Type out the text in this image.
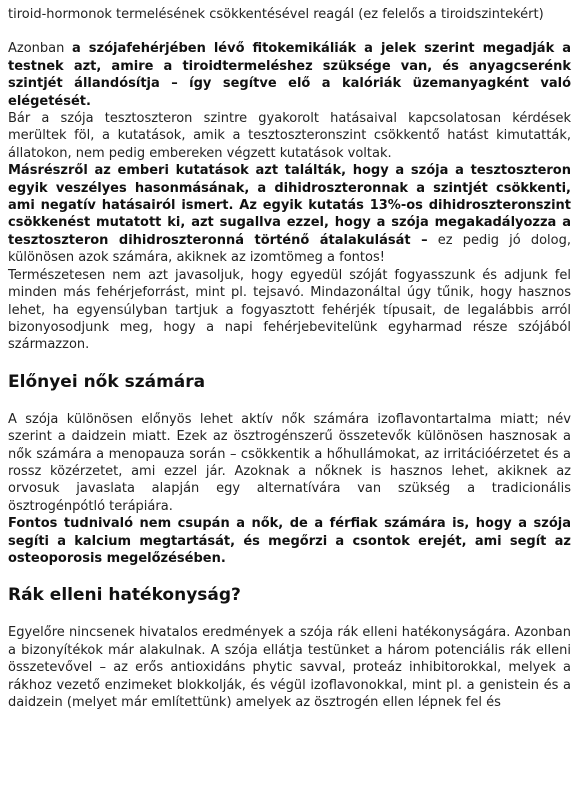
tiroid-hormonok termelésének csökkentésével reagál (ez felelős a tiroidszintekért)

Azonban a szójafehérjében lévő fitokemikáliák a jelek szerint megadják a testnek azt, amire a tiroidtermeléshez szüksége van, és anyagcserénk szintjét állandósítja – így segítve elő a kalóriák üzemanyagként való elégetését.

Bár a szója tesztoszteron szintre gyakorolt hatásaival kapcsolatosan kérdések merültek föl, a kutatások, amik a tesztoszteronszint csökkentő hatást kimutatták, állatokon, nem pedig embereken végzett kutatások voltak.

Másrészről az emberi kutatások azt találták, hogy a szója a tesztoszteron egyik veszélyes hasonmásának, a dihidroszteronnak a szintjét csökkenti, ami negatív hatásairól ismert. Az egyik kutatás 13%-os dihidroszteronszint csökkenést mutatott ki, azt sugallva ezzel, hogy a szója megakadályozza a tesztoszteron dihidroszteronná történő átalakulását – ez pedig jó dolog, különösen azok számára, akiknek az izomtömeg a fontos!

Természetesen nem azt javasoljuk, hogy egyedül szóját fogyasszunk és adjunk fel minden más fehérjeforrást, mint pl. tejsavó. Mindazonáltal úgy tűnik, hogy hasznos lehet, ha egyensúlyban tartjuk a fogyasztott fehérjék típusait, de legalábbis arról bizonyosodjunk meg, hogy a napi fehérjebevitelünk egyharmad része szójából származzon.

Előnyei nők számára

A szója különösen előnyös lehet aktív nők számára izoflavontartalma miatt; név szerint a daidzein miatt. Ezek az ösztrogénszerű összetevők különösen hasznosak a nők számára a menopauza során – csökkentik a hőhullámokat, az irritációérzetet és a rossz közérzetet, ami ezzel jár. Azoknak a nőknek is hasznos lehet, akiknek az orvosuk javaslata alapján egy alternatívára van szükség a tradicionális ösztrogénpótló terápiára.

Fontos tudnivaló nem csupán a nők, de a férfiak számára is, hogy a szója segíti a kalcium megtartását, és megőrzi a csontok erejét, ami segít az osteoporosis megelőzésében.

Rák elleni hatékonyság?

Egyelőre nincsenek hivatalos eredmények a szója rák elleni hatékonyságára. Azonban a bizonyítékok már alakulnak. A szója ellátja testünket a három potenciális rák elleni összetevővel – az erős antioxidáns phytic savval, proteáz inhibitorokkal, melyek a rákhoz vezető enzimeket blokkolják, és végül izoflavonokkal, mint pl. a genistein és a daidzein (melyet már említettünk) amelyek az ösztrogén ellen lépnek fel és
